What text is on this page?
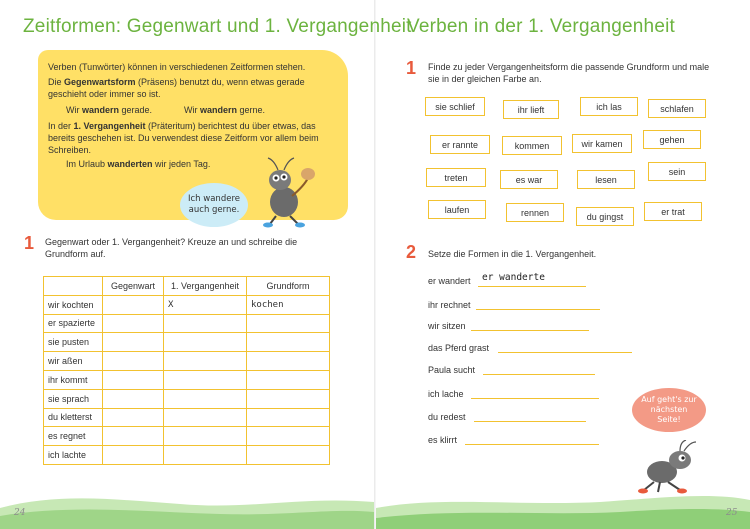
Zeitformen: Gegenwart und 1. Vergangenheit
Verben (Tunwörter) können in verschiedenen Zeitformen stehen.
Die Gegenwartsform (Präsens) benutzt du, wenn etwas gerade geschieht oder immer so ist.
Wir wandern gerade.	Wir wandern gerne.
In der 1. Vergangenheit (Präteritum) berichtest du über etwas, das bereits geschehen ist. Du verwendest diese Zeitform vor allem beim Schreiben.
Im Urlaub wanderten wir jeden Tag.
Ich wandere auch gerne.
1 Gegenwart oder 1. Vergangenheit? Kreuze an und schreibe die Grundform auf.
	Gegenwart	1. Vergangenheit	Grundform
wir kochten		X	kochen
er spazierte			
sie pusten			
wir aßen			
ihr kommt			
sie sprach			
du kletterst			
es regnet			
ich lachte			
24
Verben in der 1. Vergangenheit
1 Finde zu jeder Vergangenheitsform die passende Grundform und male sie in der gleichen Farbe an.
sie schlief	ihr lieft	ich las	schlafen
er rannte	kommen	wir kamen	gehen
treten	es war	lesen
sein
laufen	rennen	du gingst	er trat
2 Setze die Formen in die 1. Vergangenheit.
er wandert er wanderte
ihr rechnet
wir sitzen
das Pferd grast
Paula sucht
ich lache
du redest
es klirrt
Auf geht's zur nächsten Seite!
25
